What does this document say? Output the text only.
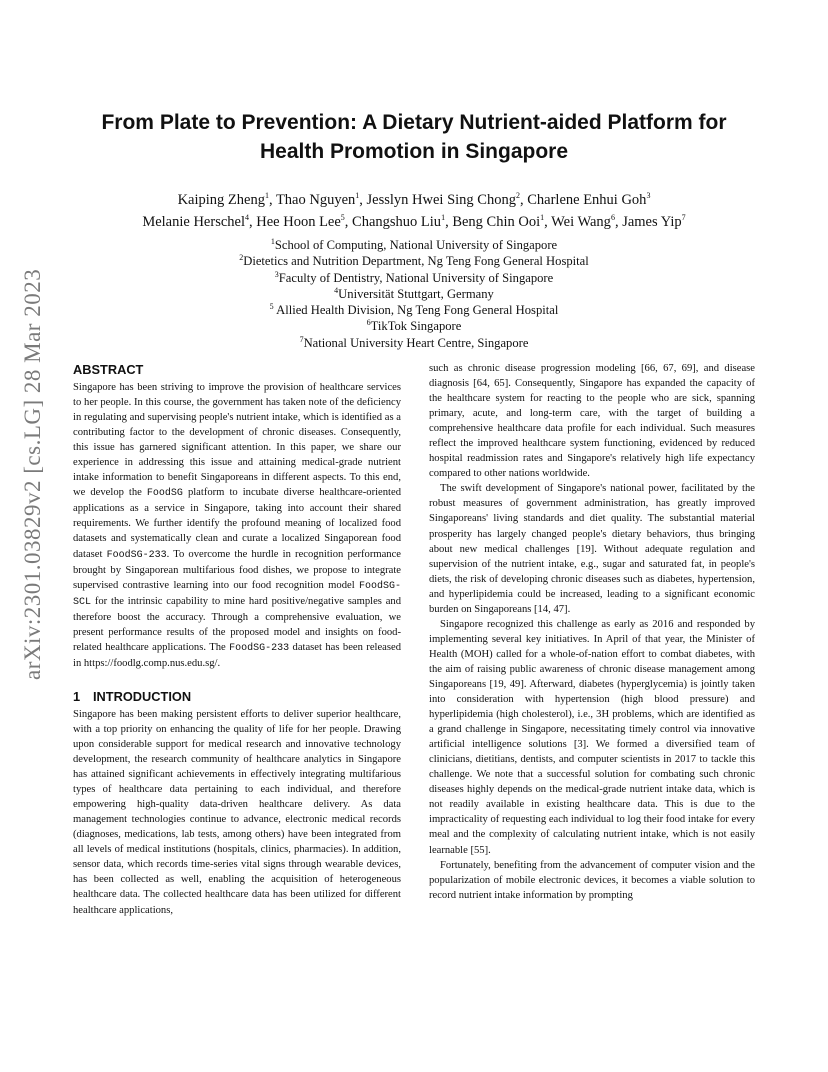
arXiv:2301.03829v2 [cs.LG] 28 Mar 2023
From Plate to Prevention: A Dietary Nutrient-aided Platform for
Health Promotion in Singapore
Kaiping Zheng$^1$, Thao Nguyen$^1$, Jesslyn Hwei Sing Chong$^2$, Charlene Enhui Goh$^3$
Melanie Herschel$^4$, Hee Hoon Lee$^5$, Changshuo Liu$^1$, Beng Chin Ooi$^1$, Wei Wang$^6$, James Yip$^7$
$^1$School of Computing, National University of Singapore
$^2$Dietetics and Nutrition Department, Ng Teng Fong General Hospital
$^3$Faculty of Dentistry, National University of Singapore
$^4$Universität Stuttgart, Germany
$^5$ Allied Health Division, Ng Teng Fong General Hospital
$^6$TikTok Singapore
$^7$National University Heart Centre, Singapore
ABSTRACT

Singapore has been striving to improve the provision of healthcare services to her people. In this course, the government has taken note of the deficiency in regulating and supervising people's nutrient intake, which is identified as a contributing factor to the development of chronic diseases. Consequently, this issue has garnered significant attention. In this paper, we share our experience in addressing this issue and attaining medical-grade nutrient intake information to benefit Singaporeans in different aspects. To this end, we develop the FoodSG platform to incubate diverse healthcare-oriented applications as a service in Singapore, taking into account their shared requirements. We further identify the profound meaning of localized food datasets and systematically clean and curate a localized Singaporean food dataset FoodSG-233. To overcome the hurdle in recognition performance brought by Singaporean multifarious food dishes, we propose to integrate supervised contrastive learning into our food recognition model FoodSG-SCL for the intrinsic capability to mine hard positive/negative samples and therefore boost the accuracy. Through a comprehensive evaluation, we present performance results of the proposed model and insights on food-related healthcare applications. The FoodSG-233 dataset has been released in https://foodlg.comp.nus.edu.sg/.

1 INTRODUCTION

Singapore has been making persistent efforts to deliver superior healthcare, with a top priority on enhancing the quality of life for her people. Drawing upon considerable support for medical research and innovative technology development, the research community of healthcare analytics in Singapore has attained significant achievements in effectively integrating multifarious types of healthcare data pertaining to each individual, and therefore empowering high-quality data-driven healthcare delivery. As data management technologies continue to advance, electronic medical records (diagnoses, medications, lab tests, among others) have been integrated from all levels of medical institutions (hospitals, clinics, pharmacies). In addition, sensor data, which records time-series vital signs through wearable devices, has been collected as well, enabling the acquisition of heterogeneous healthcare data. The collected healthcare data has been utilized for different healthcare applications,

such as chronic disease progression modeling [66, 67, 69], and disease diagnosis [64, 65]. Consequently, Singapore has expanded the capacity of the healthcare system for reacting to the people who are sick, spanning primary, acute, and long-term care, with the target of building a comprehensive healthcare data profile for each individual. Such measures reflect the improved healthcare system functioning, evidenced by reduced hospital readmission rates and Singapore's relatively high life expectancy compared to other nations worldwide.

The swift development of Singapore's national power, facilitated by the robust measures of government administration, has greatly improved Singaporeans' living standards and diet quality. The substantial material prosperity has largely changed people's dietary behaviors, thus bringing about new medical challenges [19]. Without adequate regulation and supervision of the nutrient intake, e.g., sugar and saturated fat, in people's diets, the risk of developing chronic diseases such as diabetes, hypertension, and hyperlipidemia could be increased, leading to a significant economic burden on Singaporeans [14, 47].

Singapore recognized this challenge as early as 2016 and responded by implementing several key initiatives. In April of that year, the Minister of Health (MOH) called for a whole-of-nation effort to combat diabetes, with the aim of raising public awareness of chronic disease management among Singaporeans [19, 49]. Afterward, diabetes (hyperglycemia) is jointly taken into consideration with hypertension (high blood pressure) and hyperlipidemia (high cholesterol), i.e., 3H problems, which are identified as a grand challenge in Singapore, necessitating timely control via innovative artificial intelligence solutions [3]. We formed a diversified team of clinicians, dietitians, dentists, and computer scientists in 2017 to tackle this challenge. We note that a successful solution for combating such chronic diseases highly depends on the medical-grade nutrient intake data, which is not readily available in existing healthcare data. This is due to the impracticality of requesting each individual to log their food intake for every meal and the complexity of calculating nutrient intake, which is not easily learnable [55].

Fortunately, benefiting from the advancement of computer vision and the popularization of mobile electronic devices, it becomes a viable solution to record nutrient intake information by prompting
